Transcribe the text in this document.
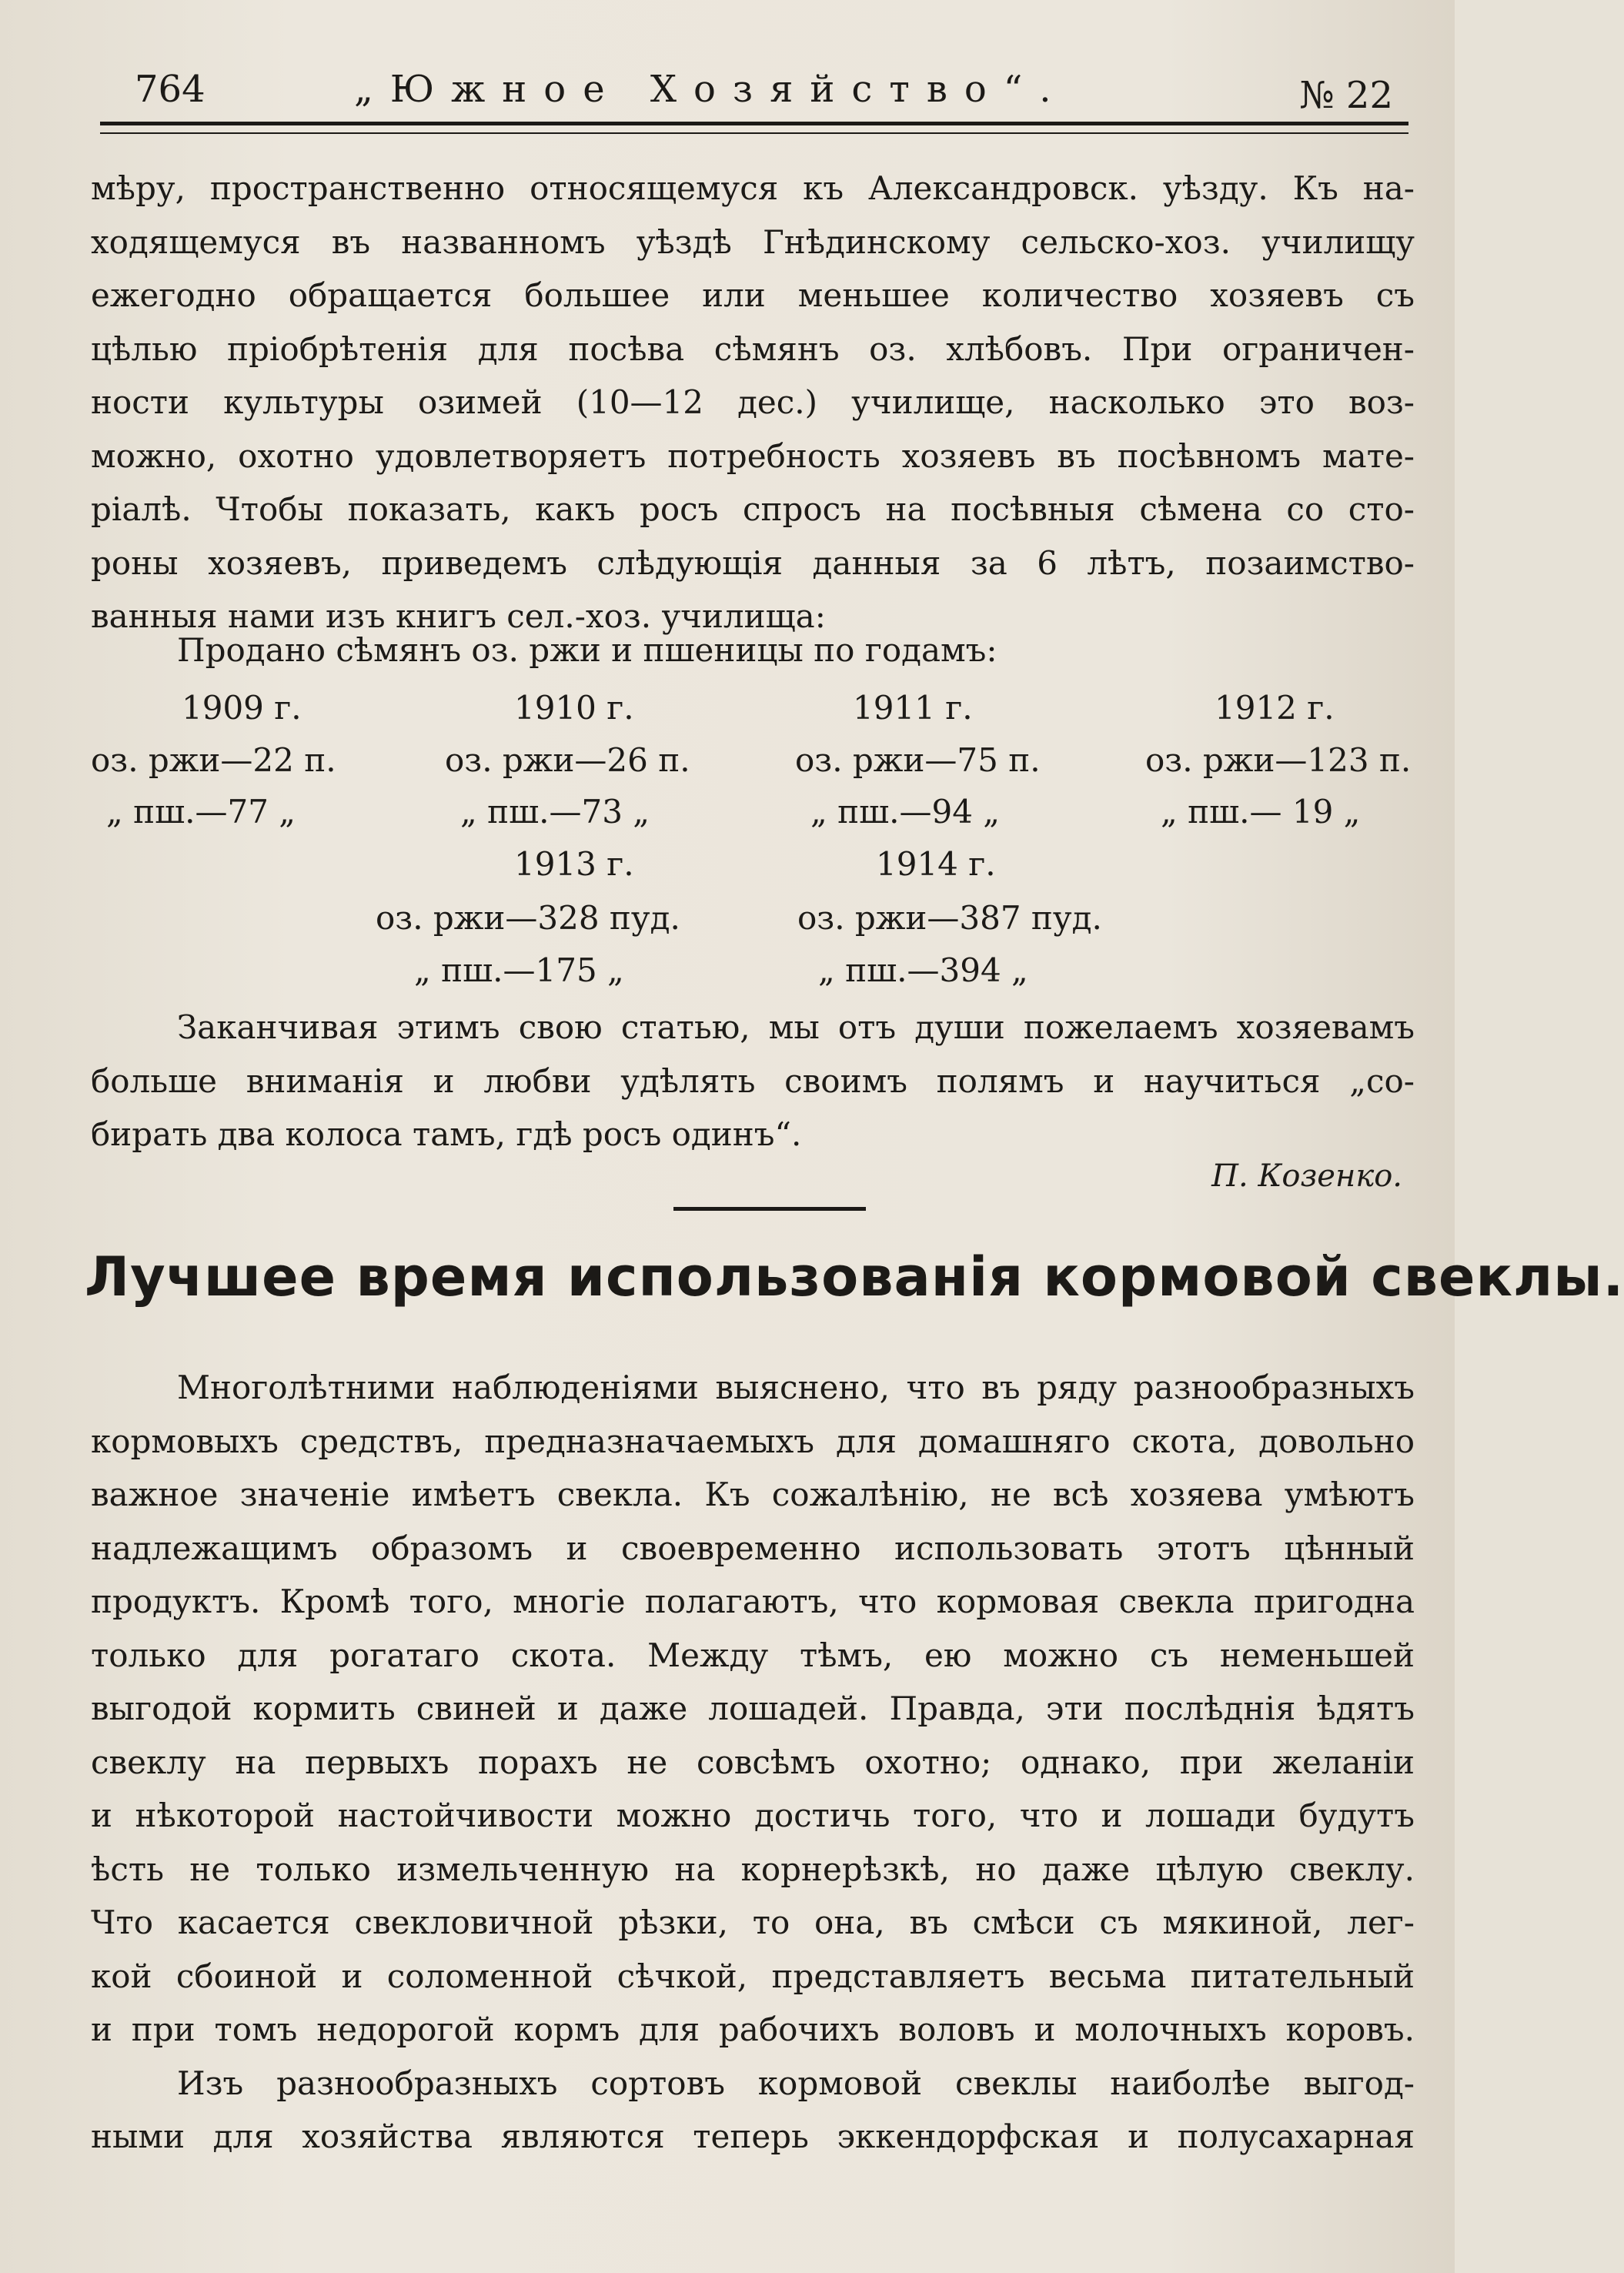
764	„Южное Хозяйство“.	№ 22
мѣру, пространственно относящемуся къ Александровск. уѣзду. Къ на-
ходящемуся въ названномъ уѣздѣ Гнѣдинскому сельско-хоз. училищу
ежегодно обращается большее или меньшее количество хозяевъ съ
цѣлью пріобрѣтенія для посѣва сѣмянъ оз. хлѣбовъ. При ограничен-
ности культуры озимей (10—12 дес.) училище, насколько это воз-
можно, охотно удовлетворяетъ потребность хозяевъ въ посѣвномъ мате-
ріалѣ. Чтобы показать, какъ росъ спросъ на посѣвныя сѣмена со сто-
роны хозяевъ, приведемъ слѣдующія данныя за 6 лѣтъ, позаимство-
ванныя нами изъ книгъ сел.-хоз. училища:
Продано сѣмянъ оз. ржи и пшеницы по годамъ:
1909 г.	1910 г.	1911 г.	1912 г.
оз. ржи—22 п.	оз. ржи—26 п.	оз. ржи—75 п.	оз. ржи—123 п.
„ пш.—77 „	„ пш.—73 „	„ пш.—94 „	„ пш.— 19 „
1913 г.	1914 г.
оз. ржи—328 пуд.	оз. ржи—387 пуд.
„ пш.—175 „	„ пш.—394 „
Заканчивая этимъ свою статью, мы отъ души пожелаемъ хозяевамъ
больше вниманія и любви удѣлять своимъ полямъ и научиться „со-
бирать два колоса тамъ, гдѣ росъ одинъ“.
П. Козенко.
Лучшее время использованія кормовой свеклы.
Многолѣтними наблюденіями выяснено, что въ ряду разнообразныхъ
кормовыхъ средствъ, предназначаемыхъ для домашняго скота, довольно
важное значеніе имѣетъ свекла. Къ сожалѣнію, не всѣ хозяева умѣютъ
надлежащимъ образомъ и своевременно использовать этотъ цѣнный
продуктъ. Кромѣ того, многіе полагаютъ, что кормовая свекла пригодна
только для рогатаго скота. Между тѣмъ, ею можно съ неменьшей
выгодой кормить свиней и даже лошадей. Правда, эти послѣднія ѣдятъ
свеклу на первыхъ порахъ не совсѣмъ охотно; однако, при желаніи
и нѣкоторой настойчивости можно достичь того, что и лошади будутъ
ѣсть не только измельченную на корнерѣзкѣ, но даже цѣлую свеклу.
Что касается свекловичной рѣзки, то она, въ смѣси съ мякиной, лег-
кой сбоиной и соломенной сѣчкой, представляетъ весьма питательный
и при томъ недорогой кормъ для рабочихъ воловъ и молочныхъ коровъ.
Изъ разнообразныхъ сортовъ кормовой свеклы наиболѣе выгод-
ными для хозяйства являются теперь эккендорфская и полусахарная
